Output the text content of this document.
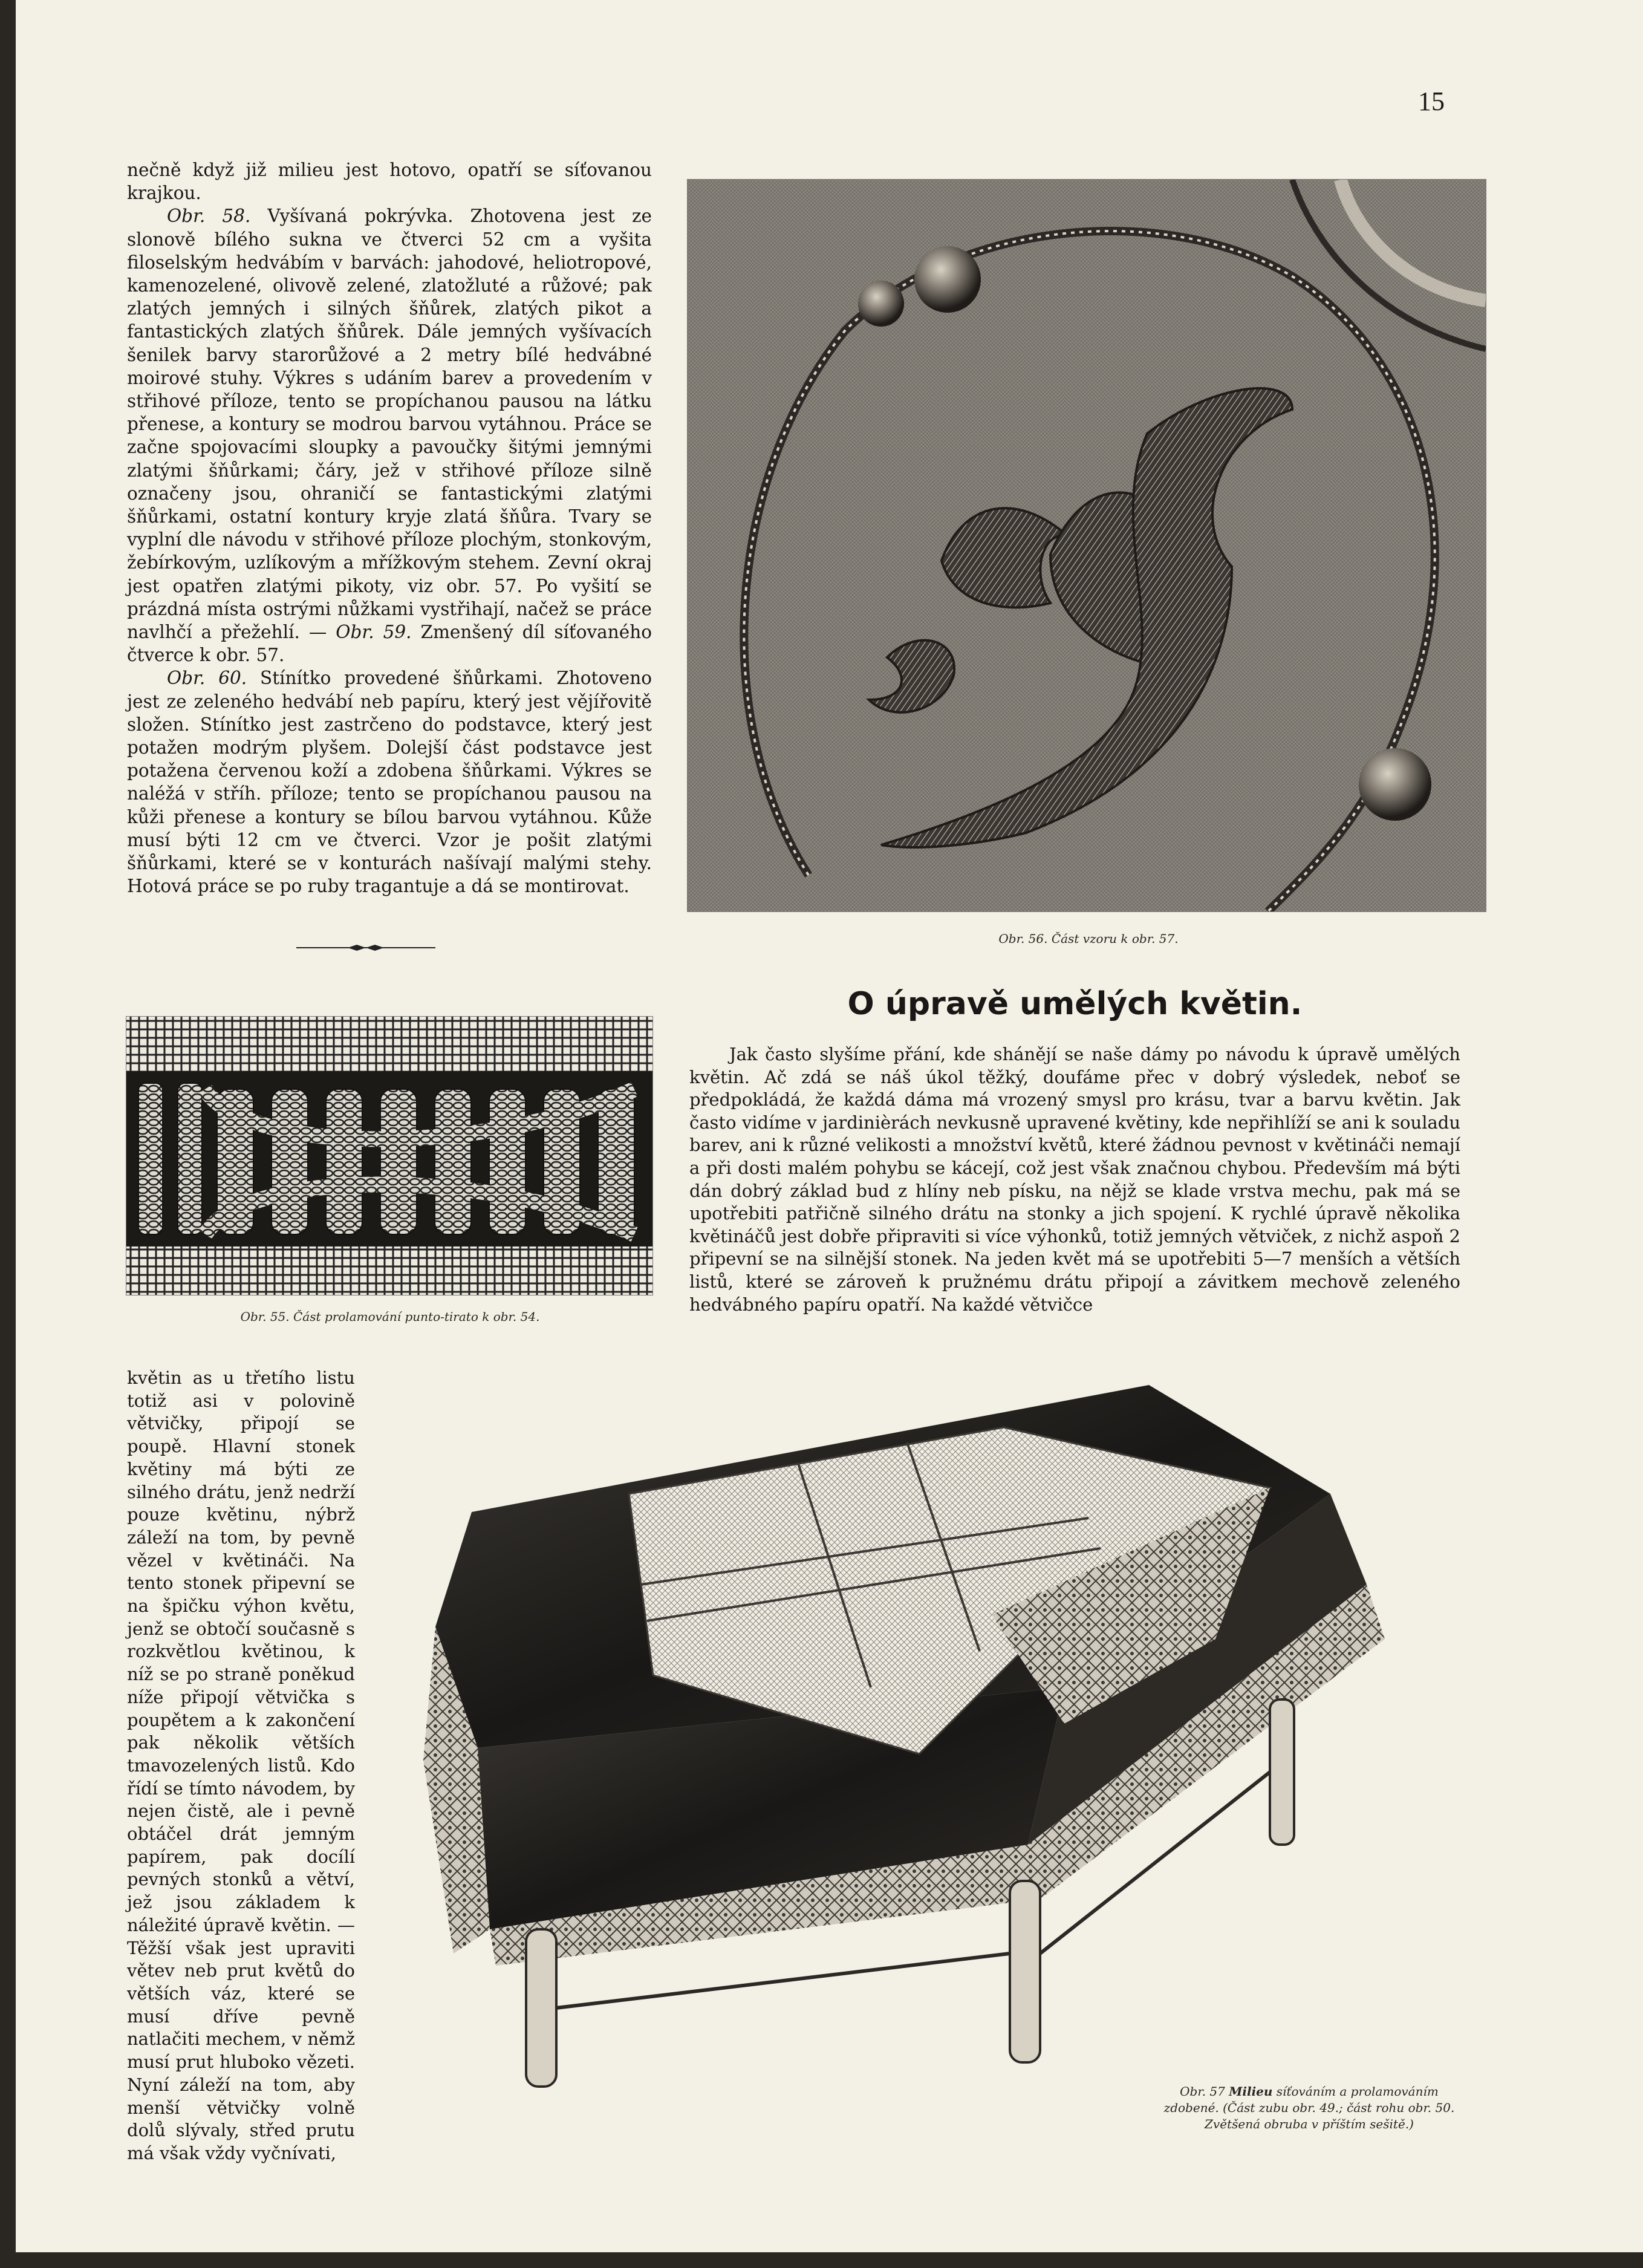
15

nečně když již milieu jest hotovo, opatří se síťovanou krajkou.

Obr. 58. Vyšívaná pokrývka. Zhotovena jest ze slonově bílého sukna ve čtverci 52 cm a vyšita filoselským hedvábím v barvách: jahodové, heliotropové, kamenozelené, olivově zelené, zlatožluté a růžové; pak zlatých jemných i silných šňůrek, zlatých pikot a fantastických zlatých šňůrek. Dále jemných vyšívacích šenilek barvy starorůžové a 2 metry bílé hedvábné moirové stuhy. Výkres s udáním barev a provedením v střihové příloze, tento se propíchanou pausou na látku přenese, a kontury se modrou barvou vytáhnou. Práce se začne spojovacími sloupky a pavoučky šitými jemnými zlatými šňůrkami; čáry, jež v střihové příloze silně označeny jsou, ohraničí se fantastickými zlatými šňůrkami, ostatní kontury kryje zlatá šňůra. Tvary se vyplní dle návodu v střihové příloze plochým, stonkovým, žebírkovým, uzlíkovým a mřížkovým stehem. Zevní okraj jest opatřen zlatými pikoty, viz obr. 57. Po vyšití se prázdná místa ostrými nůžkami vystřihají, načež se práce navlhčí a přežehlí. — Obr. 59. Zmenšený díl síťovaného čtverce k obr. 57.

Obr. 60. Stínítko provedené šňůrkami. Zhotoveno jest ze zeleného hedvábí neb papíru, který jest vějířovitě složen. Stínítko jest zastrčeno do podstavce, který jest potažen modrým plyšem. Dolejší část podstavce jest potažena červenou koží a zdobena šňůrkami. Výkres se naléžá v stříh. příloze; tento se propíchanou pausou na kůži přenese a kontury se bílou barvou vytáhnou. Kůže musí býti 12 cm ve čtverci. Vzor je pošit zlatými šňůrkami, které se v konturách našívají malými stehy. Hotová práce se po ruby tragantuje a dá se montirovat.

Obr. 56. Část vzoru k obr. 57.
O úpravě umělých květin.

Jak často slyšíme přání, kde shánějí se naše dámy po návodu k úpravě umělých květin. Ač zdá se náš úkol těžký, doufáme přec v dobrý výsledek, neboť se předpokládá, že každá dáma má vrozený smysl pro krásu, tvar a barvu květin. Jak často vidíme v jardinièrách nevkusně upravené květiny, kde nepřihlíží se ani k souladu barev, ani k různé velikosti a množství květů, které žádnou pevnost v květináči nemají a při dosti malém pohybu se kácejí, což jest však značnou chybou. Především má býti dán dobrý základ bud z hlíny neb písku, na nějž se klade vrstva mechu, pak má se upotřebiti patřičně silného drátu na stonky a jich spojení. K rychlé úpravě několika květináčů jest dobře připraviti si více výhonků, totiž jemných větviček, z nichž aspoň 2 připevní se na silnější stonek. Na jeden květ má se upotřebiti 5—7 menších a větších listů, které se zároveň k pružnému drátu připojí a závitkem mechově zeleného hedvábného papíru opatří. Na každé větvičce

Obr. 55. Část prolamování punto-tirato k obr. 54.

květin as u třetího listu totiž asi v polovině větvičky, připojí se poupě. Hlavní stonek květiny má býti ze silného drátu, jenž nedrží pouze květinu, nýbrž záleží na tom, by pevně vězel v květináči. Na tento stonek připevní se na špičku výhon květu, jenž se obtočí současně s rozkvětlou květinou, k níž se po straně poněkud níže připojí větvička s poupětem a k zakončení pak několik větších tmavozelených listů. Kdo řídí se tímto návodem, by nejen čistě, ale i pevně obtáčel drát jemným papírem, pak docílí pevných stonků a větví, jež jsou základem k náležité úpravě květin. — Těžší však jest upraviti větev neb prut květů do větších váz, které se musí dříve pevně natlačiti mechem, v němž musí prut hluboko vězeti. Nyní záleží na tom, aby menší větvičky volně dolů slývaly, střed prutu má však vždy vyčnívati,

Obr. 57 Milieu síťováním a prolamováním zdobené. (Část zubu obr. 49.; část rohu obr. 50. Zvětšená obruba v příštím sešitě.)
